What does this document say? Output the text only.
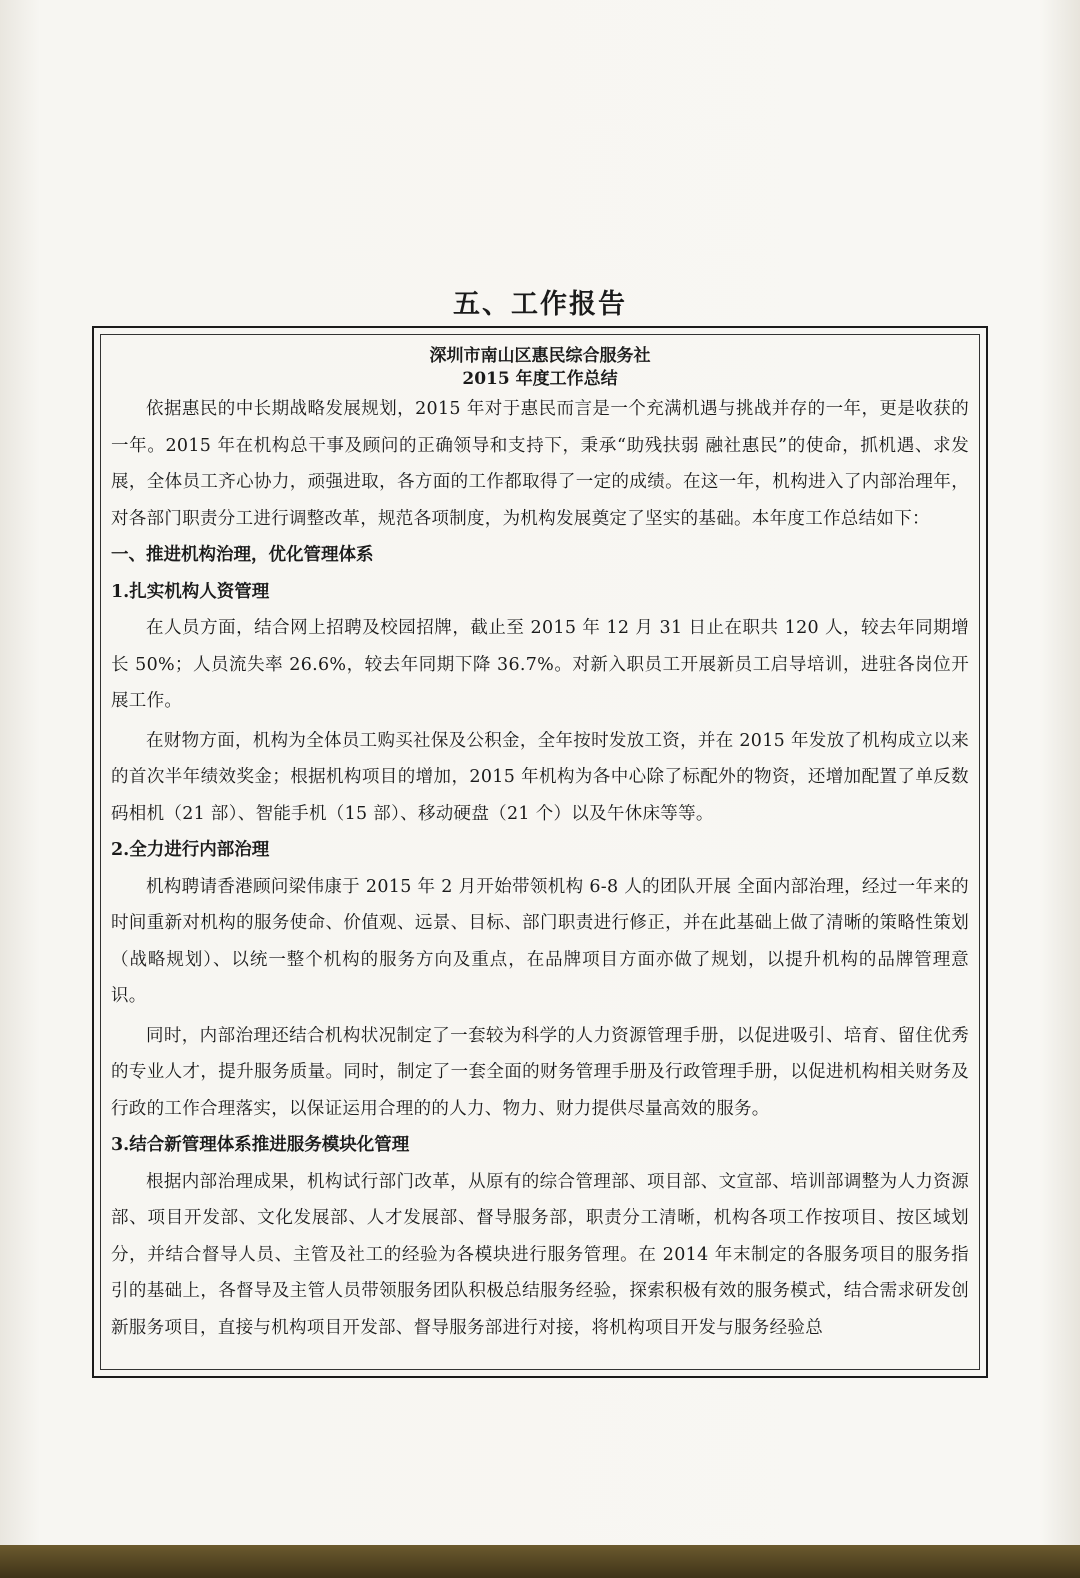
五、工作报告
深圳市南山区惠民综合服务社
2015 年度工作总结

依据惠民的中长期战略发展规划，2015 年对于惠民而言是一个充满机遇与挑战并存的一年，更是收获的一年。2015 年在机构总干事及顾问的正确领导和支持下，秉承“助残扶弱 融社惠民”的使命，抓机遇、求发展，全体员工齐心协力，顽强进取，各方面的工作都取得了一定的成绩。在这一年，机构进入了内部治理年，对各部门职责分工进行调整改革，规范各项制度，为机构发展奠定了坚实的基础。本年度工作总结如下：

一、推进机构治理，优化管理体系
1.扎实机构人资管理

在人员方面，结合网上招聘及校园招牌，截止至 2015 年 12 月 31 日止在职共 120 人，较去年同期增长 50%；人员流失率 26.6%，较去年同期下降 36.7%。对新入职员工开展新员工启导培训，进驻各岗位开展工作。

在财物方面，机构为全体员工购买社保及公积金，全年按时发放工资，并在 2015 年发放了机构成立以来的首次半年绩效奖金；根据机构项目的增加，2015 年机构为各中心除了标配外的物资，还增加配置了单反数码相机（21 部）、智能手机（15 部）、移动硬盘（21 个）以及午休床等等。

2.全力进行内部治理

机构聘请香港顾问梁伟康于 2015 年 2 月开始带领机构 6-8 人的团队开展 全面内部治理，经过一年来的时间重新对机构的服务使命、价值观、远景、目标、部门职责进行修正，并在此基础上做了清晰的策略性策划（战略规划）、以统一整个机构的服务方向及重点，在品牌项目方面亦做了规划，以提升机构的品牌管理意识。

同时，内部治理还结合机构状况制定了一套较为科学的人力资源管理手册，以促进吸引、培育、留住优秀的专业人才，提升服务质量。同时，制定了一套全面的财务管理手册及行政管理手册，以促进机构相关财务及行政的工作合理落实，以保证运用合理的的人力、物力、财力提供尽量高效的服务。

3.结合新管理体系推进服务模块化管理

根据内部治理成果，机构试行部门改革，从原有的综合管理部、项目部、文宣部、培训部调整为人力资源部、项目开发部、文化发展部、人才发展部、督导服务部，职责分工清晰，机构各项工作按项目、按区域划分，并结合督导人员、主管及社工的经验为各模块进行服务管理。在 2014 年末制定的各服务项目的服务指引的基础上，各督导及主管人员带领服务团队积极总结服务经验，探索积极有效的服务模式，结合需求研发创新服务项目，直接与机构项目开发部、督导服务部进行对接，将机构项目开发与服务经验总
